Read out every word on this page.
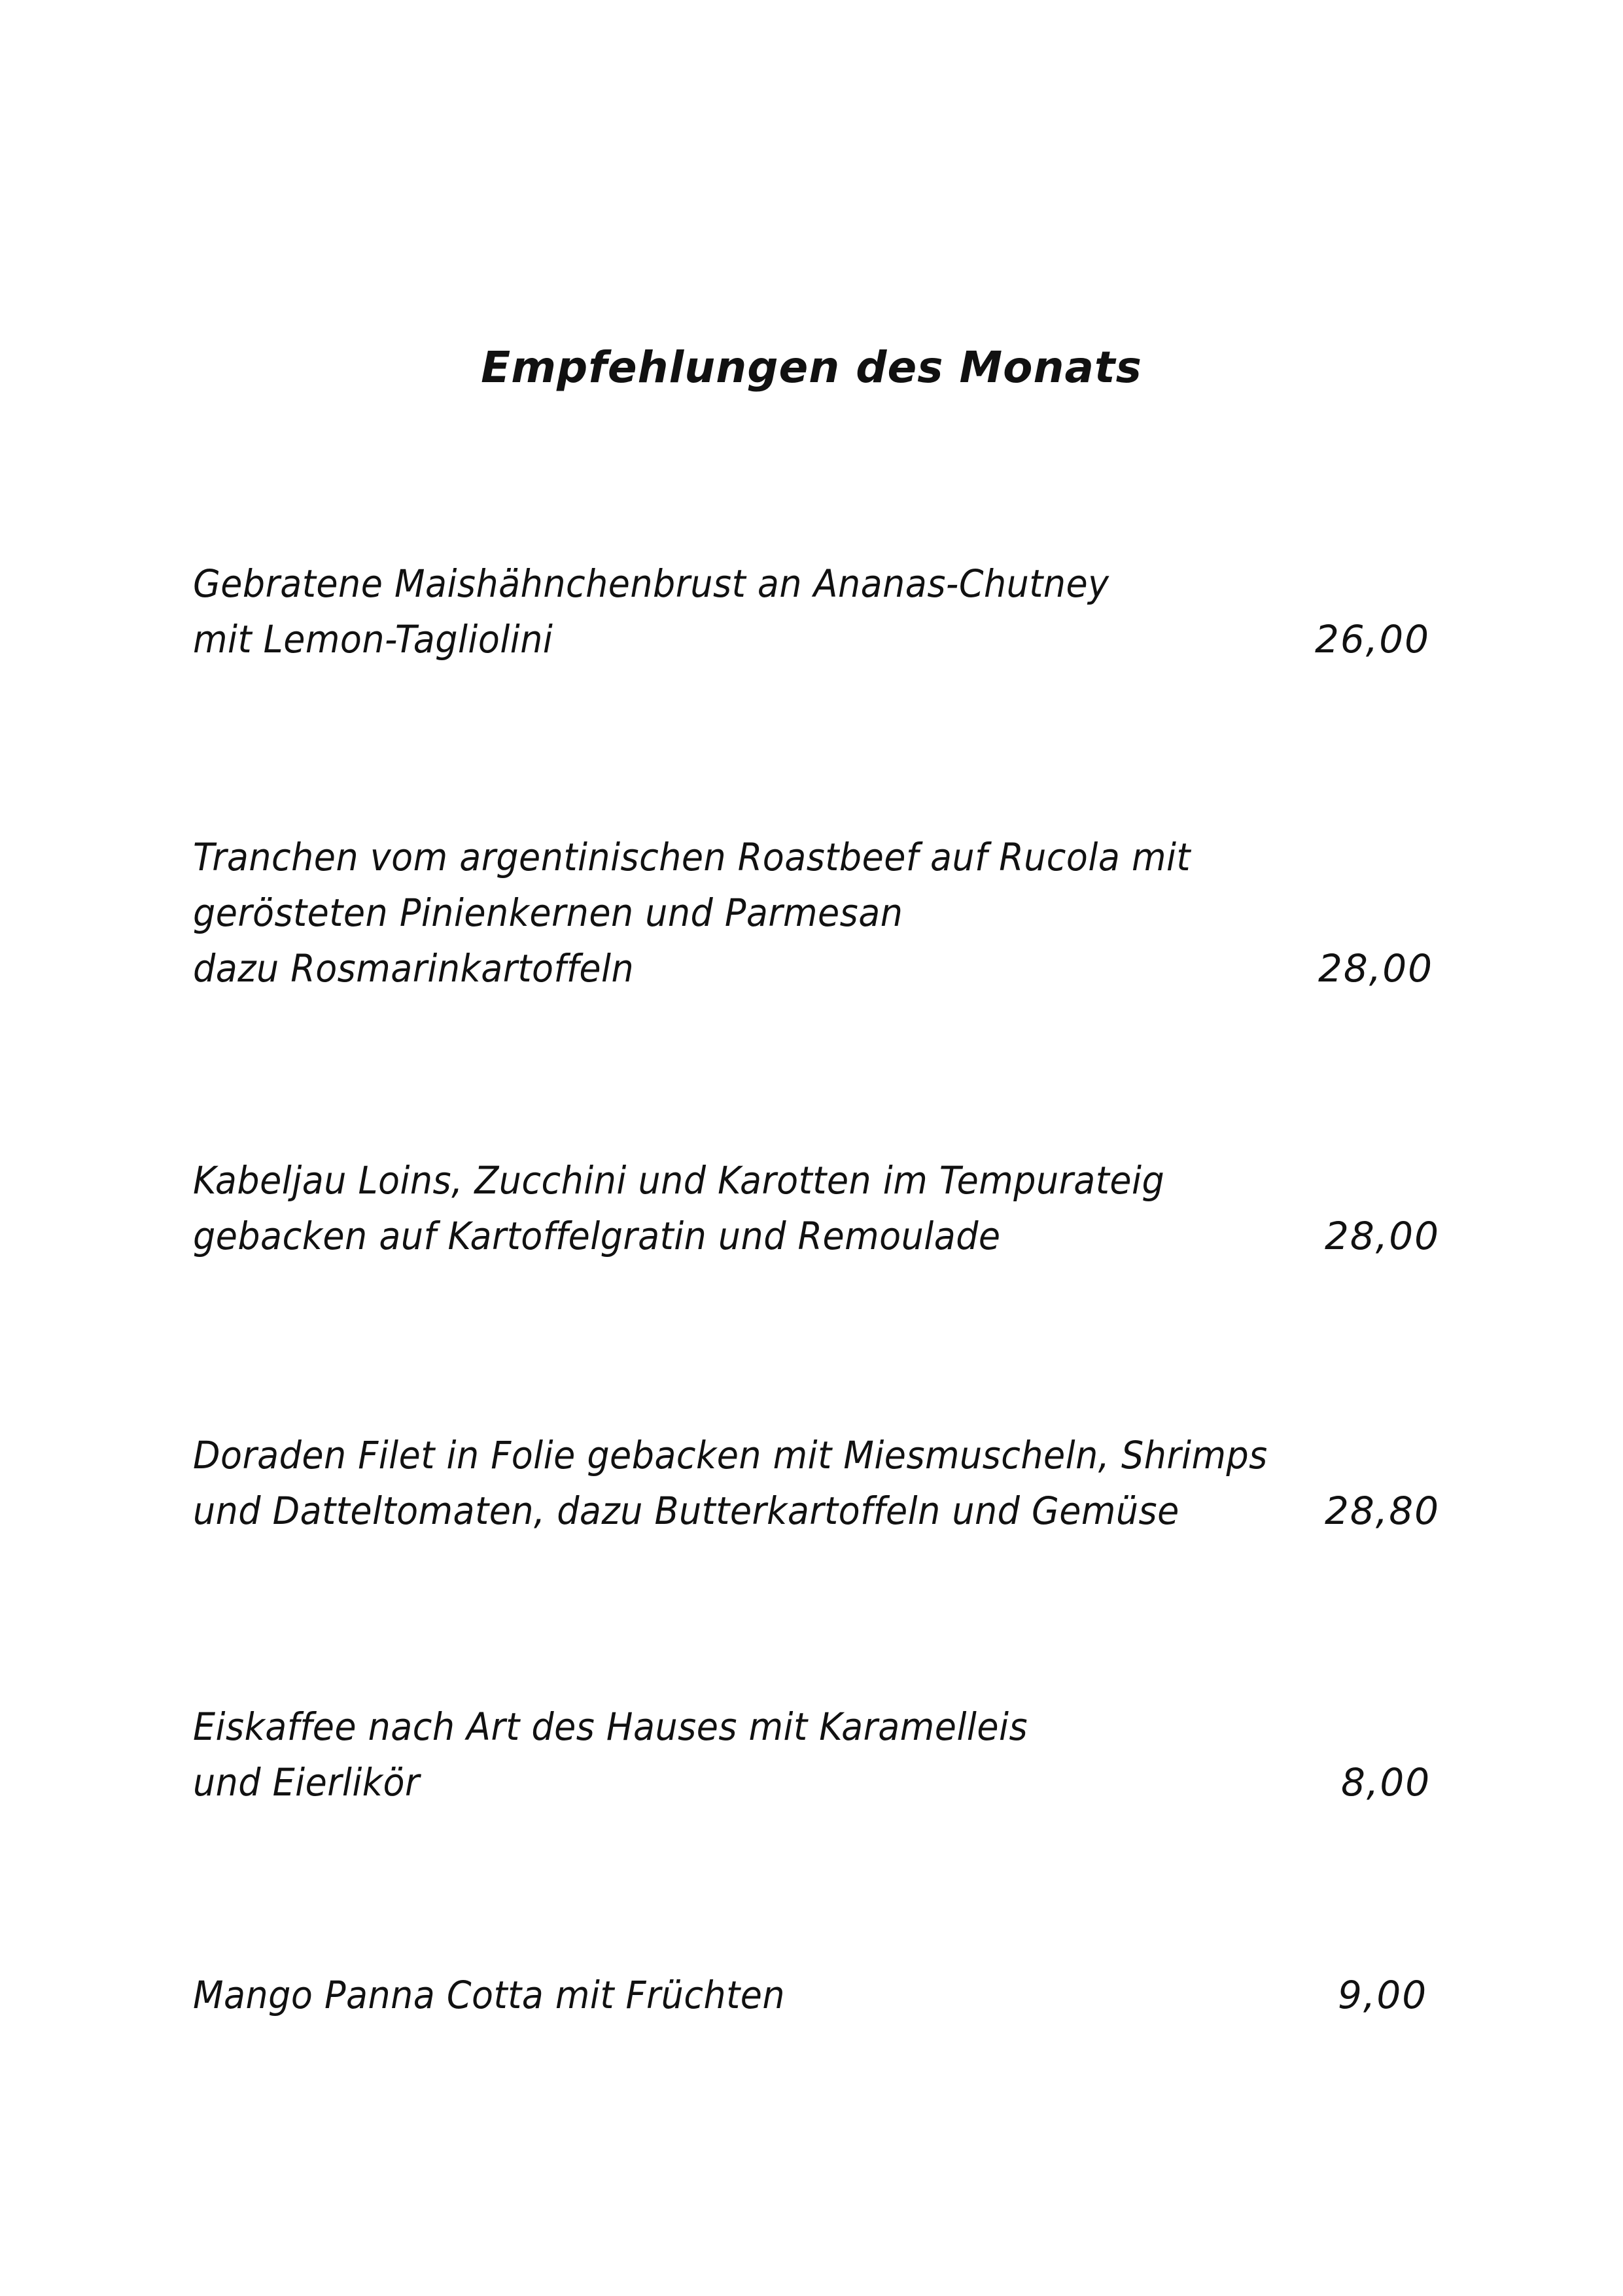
Empfehlungen des Monats
Gebratene Maishähnchenbrust an Ananas-Chutney
mit Lemon-Tagliolini	26,00
Tranchen vom argentinischen Roastbeef auf Rucola mit
gerösteten Pinienkernen und Parmesan
dazu Rosmarinkartoffeln	28,00
Kabeljau Loins, Zucchini und Karotten im Tempurateig
gebacken auf Kartoffelgratin und Remoulade	28,00
Doraden Filet in Folie gebacken mit Miesmuscheln, Shrimps
und Datteltomaten, dazu Butterkartoffeln und Gemüse	28,80
Eiskaffee nach Art des Hauses mit Karamelleis
und Eierlikör	8,00
Mango Panna Cotta mit Früchten	9,00
